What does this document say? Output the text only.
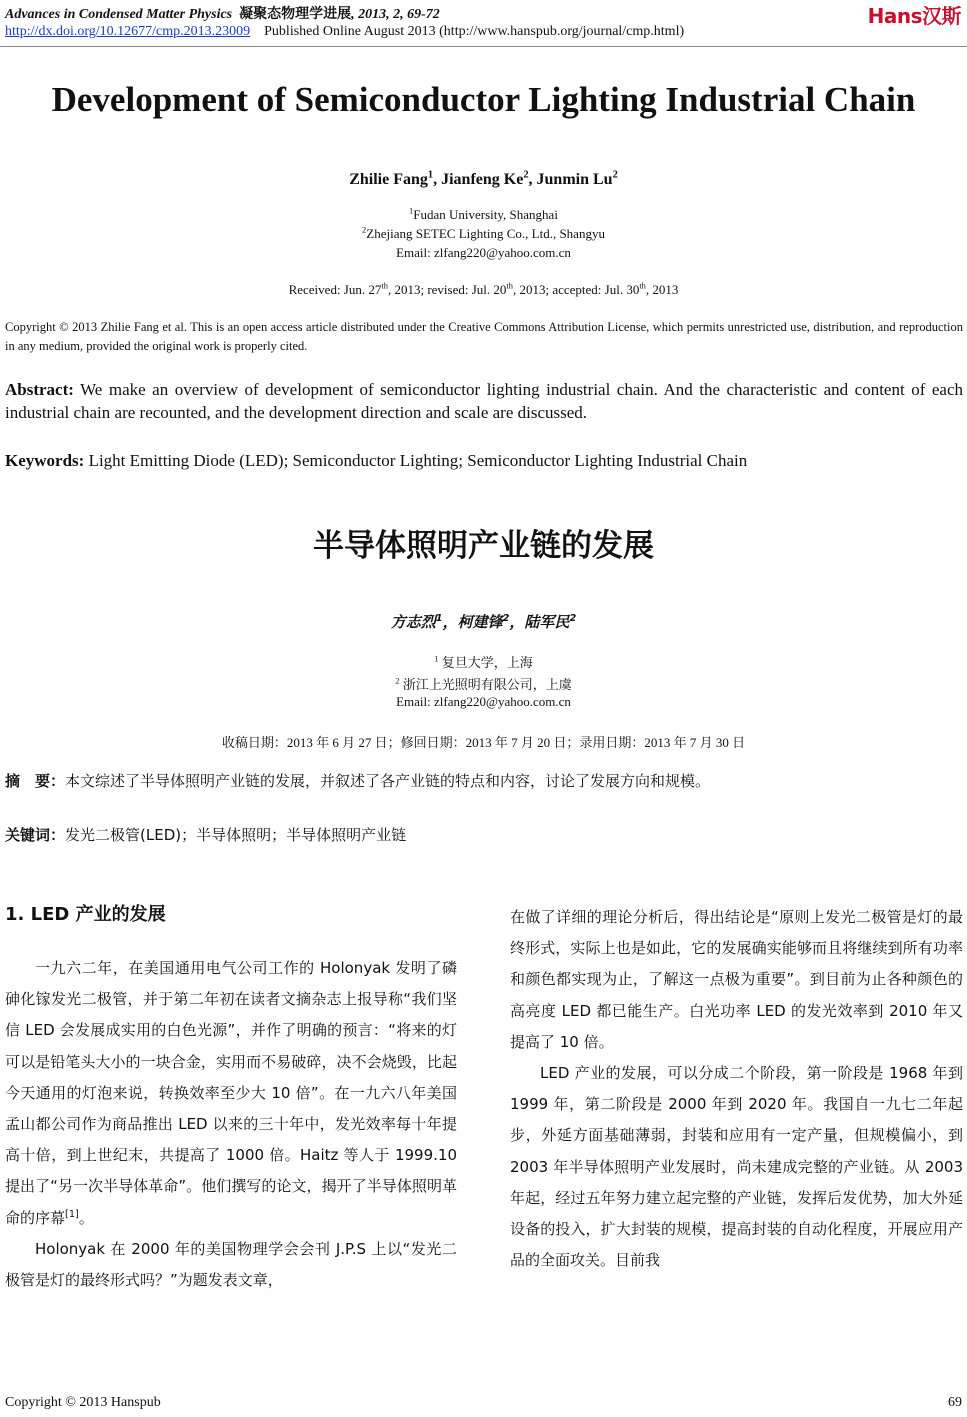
Advances in Condensed Matter Physics 凝聚态物理学进展, 2013, 2, 69-72
http://dx.doi.org/10.12677/cmp.2013.23009 Published Online August 2013 (http://www.hanspub.org/journal/cmp.html)
Hans汉斯
Development of Semiconductor Lighting Industrial Chain
Zhilie Fang$^1$, Jianfeng Ke$^2$, Junmin Lu$^2$
$^1$Fudan University, Shanghai
$^2$Zhejiang SETEC Lighting Co., Ltd., Shangyu
Email: zlfang220@yahoo.com.cn
Received: Jun. 27th, 2013; revised: Jul. 20th, 2013; accepted: Jul. 30th, 2013
Copyright © 2013 Zhilie Fang et al. This is an open access article distributed under the Creative Commons Attribution License, which permits unrestricted use, distribution, and reproduction in any medium, provided the original work is properly cited.
Abstract: We make an overview of development of semiconductor lighting industrial chain. And the characteristic and content of each industrial chain are recounted, and the development direction and scale are discussed.
Keywords: Light Emitting Diode (LED); Semiconductor Lighting; Semiconductor Lighting Industrial Chain
半导体照明产业链的发展
方志烈$^1$，柯建锋$^2$，陆军民$^2$
$^1$ 复旦大学，上海
$^2$ 浙江上光照明有限公司，上虞
Email: zlfang220@yahoo.com.cn
收稿日期：2013 年 6 月 27 日；修回日期：2013 年 7 月 20 日；录用日期：2013 年 7 月 30 日
摘　要：本文综述了半导体照明产业链的发展，并叙述了各产业链的特点和内容，讨论了发展方向和规模。
关键词：发光二极管(LED)；半导体照明；半导体照明产业链
1. LED 产业的发展

一九六二年，在美国通用电气公司工作的 Holonyak 发明了磷砷化镓发光二极管，并于第二年初在读者文摘杂志上报导称“我们坚信 LED 会发展成实用的白色光源”，并作了明确的预言：“将来的灯可以是铅笔头大小的一块合金，实用而不易破碎，决不会烧毁，比起今天通用的灯泡来说，转换效率至少大 10 倍”。在一九六八年美国孟山都公司作为商品推出 LED 以来的三十年中，发光效率每十年提高十倍，到上世纪末，共提高了 1000 倍。Haitz 等人于 1999.10 提出了“另一次半导体革命”。他们撰写的论文，揭开了半导体照明革命的序幕[1]。

Holonyak 在 2000 年的美国物理学会会刊 J.P.S 上以“发光二极管是灯的最终形式吗？”为题发表文章，

在做了详细的理论分析后，得出结论是“原则上发光二极管是灯的最终形式，实际上也是如此，它的发展确实能够而且将继续到所有功率和颜色都实现为止，了解这一点极为重要”。到目前为止各种颜色的高亮度 LED 都已能生产。白光功率 LED 的发光效率到 2010 年又提高了 10 倍。

LED 产业的发展，可以分成二个阶段，第一阶段是 1968 年到 1999 年，第二阶段是 2000 年到 2020 年。我国自一九七二年起步，外延方面基础薄弱，封装和应用有一定产量，但规模偏小，到 2003 年半导体照明产业发展时，尚未建成完整的产业链。从 2003 年起，经过五年努力建立起完整的产业链，发挥后发优势，加大外延设备的投入，扩大封装的规模，提高封装的自动化程度，开展应用产品的全面攻关。目前我

Copyright © 2013 Hanspub	69
